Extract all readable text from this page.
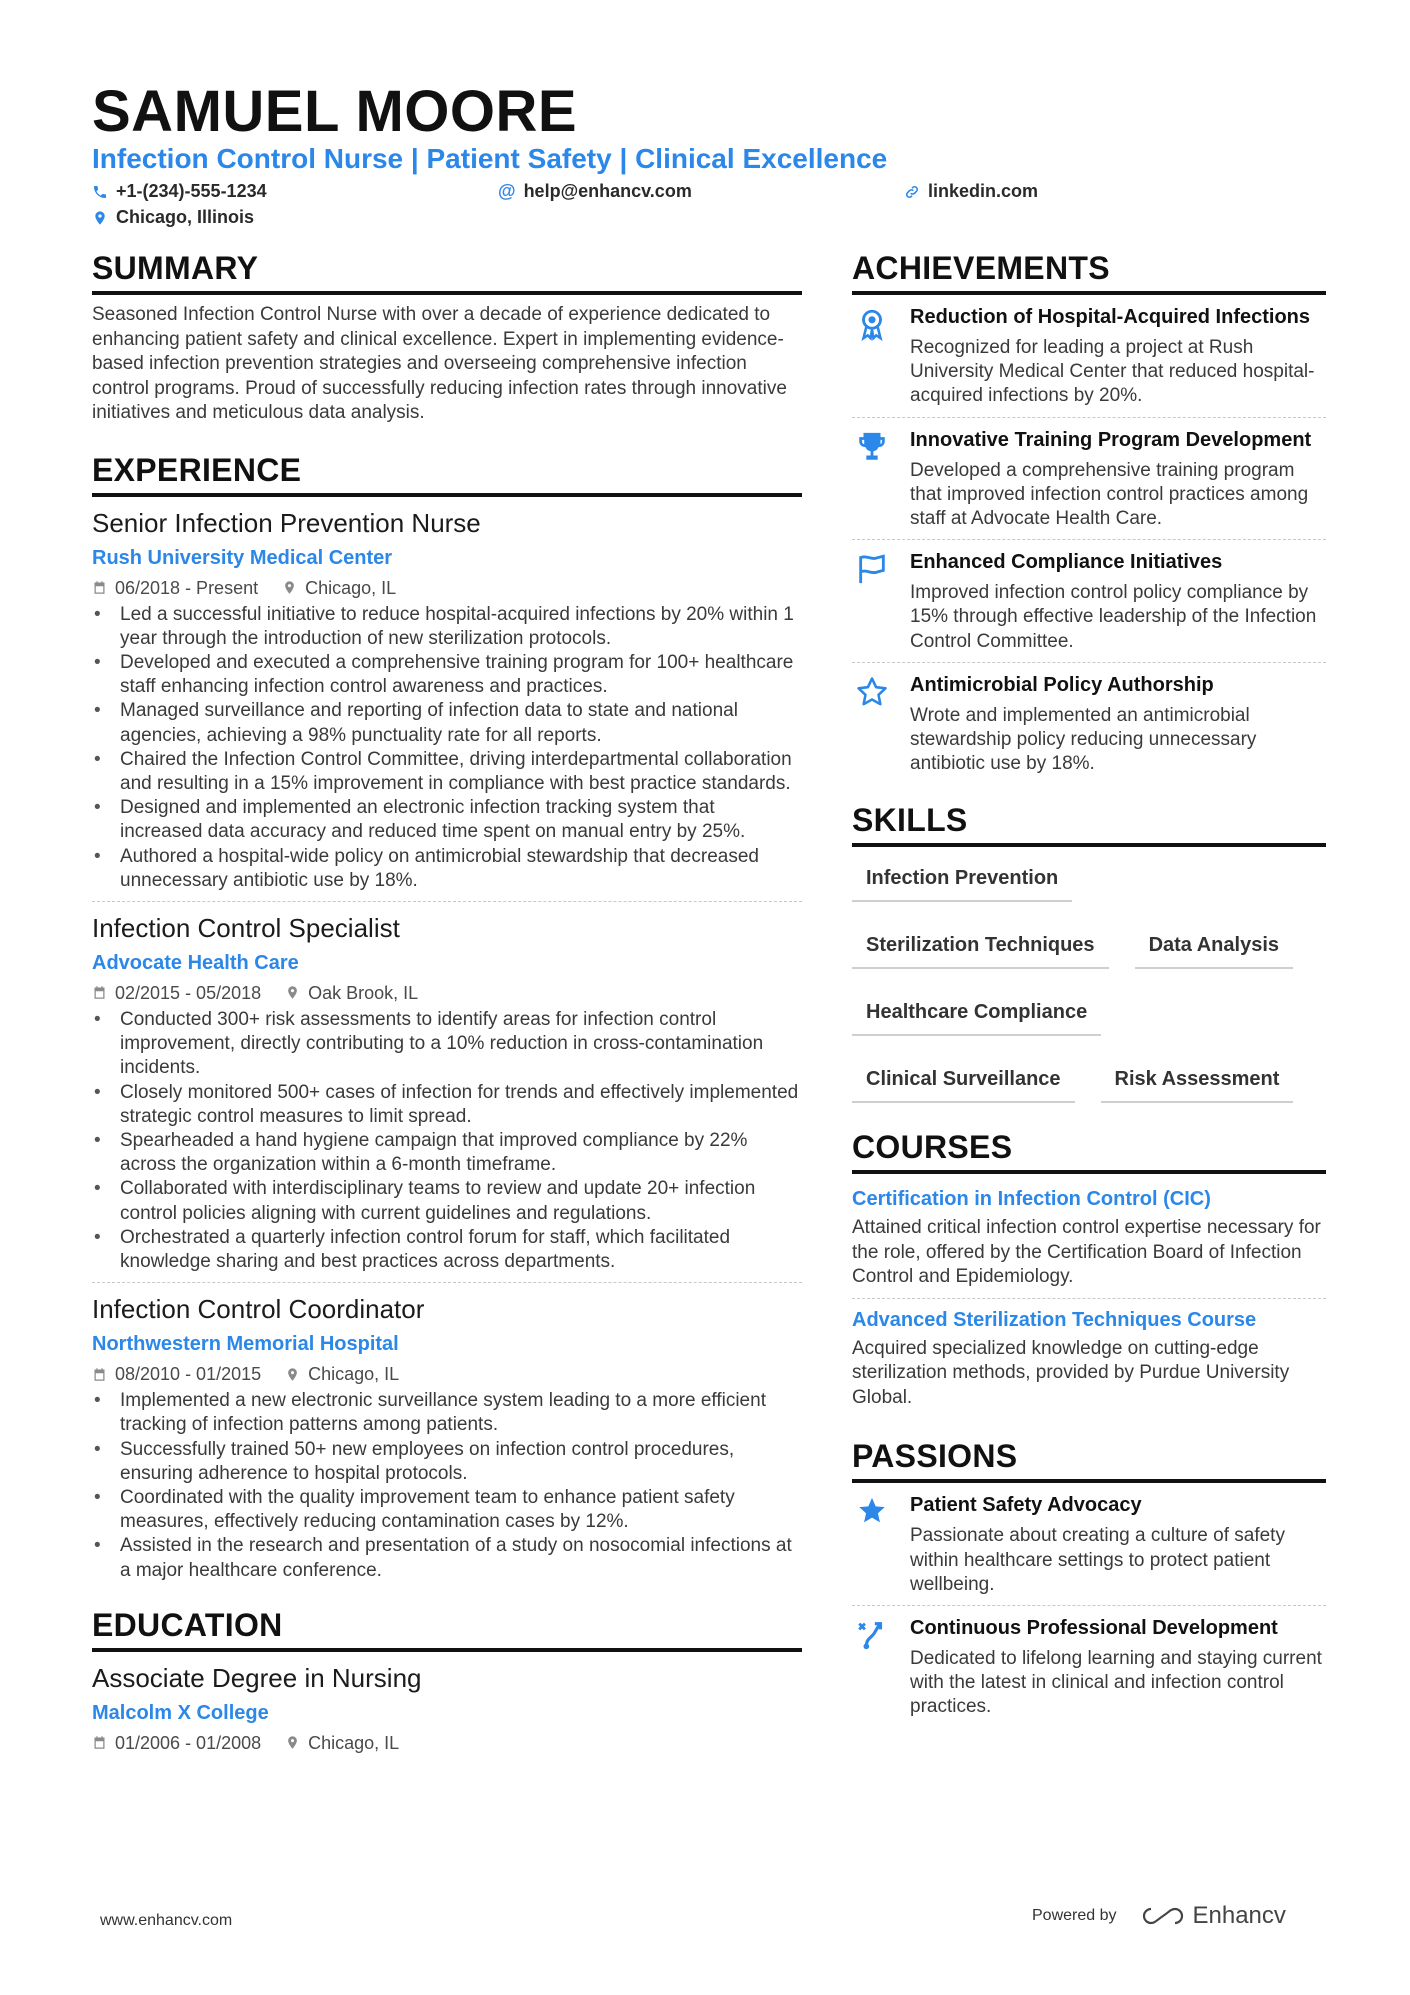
SAMUEL MOORE
Infection Control Nurse | Patient Safety | Clinical Excellence
+1-(234)-555-1234	@ help@enhancv.com	linkedin.com
Chicago, Illinois
SUMMARY
Seasoned Infection Control Nurse with over a decade of experience dedicated to enhancing patient safety and clinical excellence. Expert in implementing evidence-based infection prevention strategies and overseeing comprehensive infection control programs. Proud of successfully reducing infection rates through innovative initiatives and meticulous data analysis.
EXPERIENCE
Senior Infection Prevention Nurse
Rush University Medical Center
06/2018 - Present	Chicago, IL
• Led a successful initiative to reduce hospital-acquired infections by 20% within 1 year through the introduction of new sterilization protocols.
• Developed and executed a comprehensive training program for 100+ healthcare staff enhancing infection control awareness and practices.
• Managed surveillance and reporting of infection data to state and national agencies, achieving a 98% punctuality rate for all reports.
• Chaired the Infection Control Committee, driving interdepartmental collaboration and resulting in a 15% improvement in compliance with best practice standards.
• Designed and implemented an electronic infection tracking system that increased data accuracy and reduced time spent on manual entry by 25%.
• Authored a hospital-wide policy on antimicrobial stewardship that decreased unnecessary antibiotic use by 18%.
Infection Control Specialist
Advocate Health Care
02/2015 - 05/2018	Oak Brook, IL
• Conducted 300+ risk assessments to identify areas for infection control improvement, directly contributing to a 10% reduction in cross-contamination incidents.
• Closely monitored 500+ cases of infection for trends and effectively implemented strategic control measures to limit spread.
• Spearheaded a hand hygiene campaign that improved compliance by 22% across the organization within a 6-month timeframe.
• Collaborated with interdisciplinary teams to review and update 20+ infection control policies aligning with current guidelines and regulations.
• Orchestrated a quarterly infection control forum for staff, which facilitated knowledge sharing and best practices across departments.
Infection Control Coordinator
Northwestern Memorial Hospital
08/2010 - 01/2015	Chicago, IL
• Implemented a new electronic surveillance system leading to a more efficient tracking of infection patterns among patients.
• Successfully trained 50+ new employees on infection control procedures, ensuring adherence to hospital protocols.
• Coordinated with the quality improvement team to enhance patient safety measures, effectively reducing contamination cases by 12%.
• Assisted in the research and presentation of a study on nosocomial infections at a major healthcare conference.
EDUCATION
Associate Degree in Nursing
Malcolm X College
01/2006 - 01/2008	Chicago, IL
ACHIEVEMENTS
Reduction of Hospital-Acquired Infections
Recognized for leading a project at Rush University Medical Center that reduced hospital-acquired infections by 20%.
Innovative Training Program Development
Developed a comprehensive training program that improved infection control practices among staff at Advocate Health Care.
Enhanced Compliance Initiatives
Improved infection control policy compliance by 15% through effective leadership of the Infection Control Committee.
Antimicrobial Policy Authorship
Wrote and implemented an antimicrobial stewardship policy reducing unnecessary antibiotic use by 18%.
SKILLS
Infection Prevention
Sterilization Techniques	Data Analysis
Healthcare Compliance
Clinical Surveillance	Risk Assessment
COURSES
Certification in Infection Control (CIC)
Attained critical infection control expertise necessary for the role, offered by the Certification Board of Infection Control and Epidemiology.
Advanced Sterilization Techniques Course
Acquired specialized knowledge on cutting-edge sterilization methods, provided by Purdue University Global.
PASSIONS
Patient Safety Advocacy
Passionate about creating a culture of safety within healthcare settings to protect patient wellbeing.
Continuous Professional Development
Dedicated to lifelong learning and staying current with the latest in clinical and infection control practices.
www.enhancv.com	Powered by	Enhancv
